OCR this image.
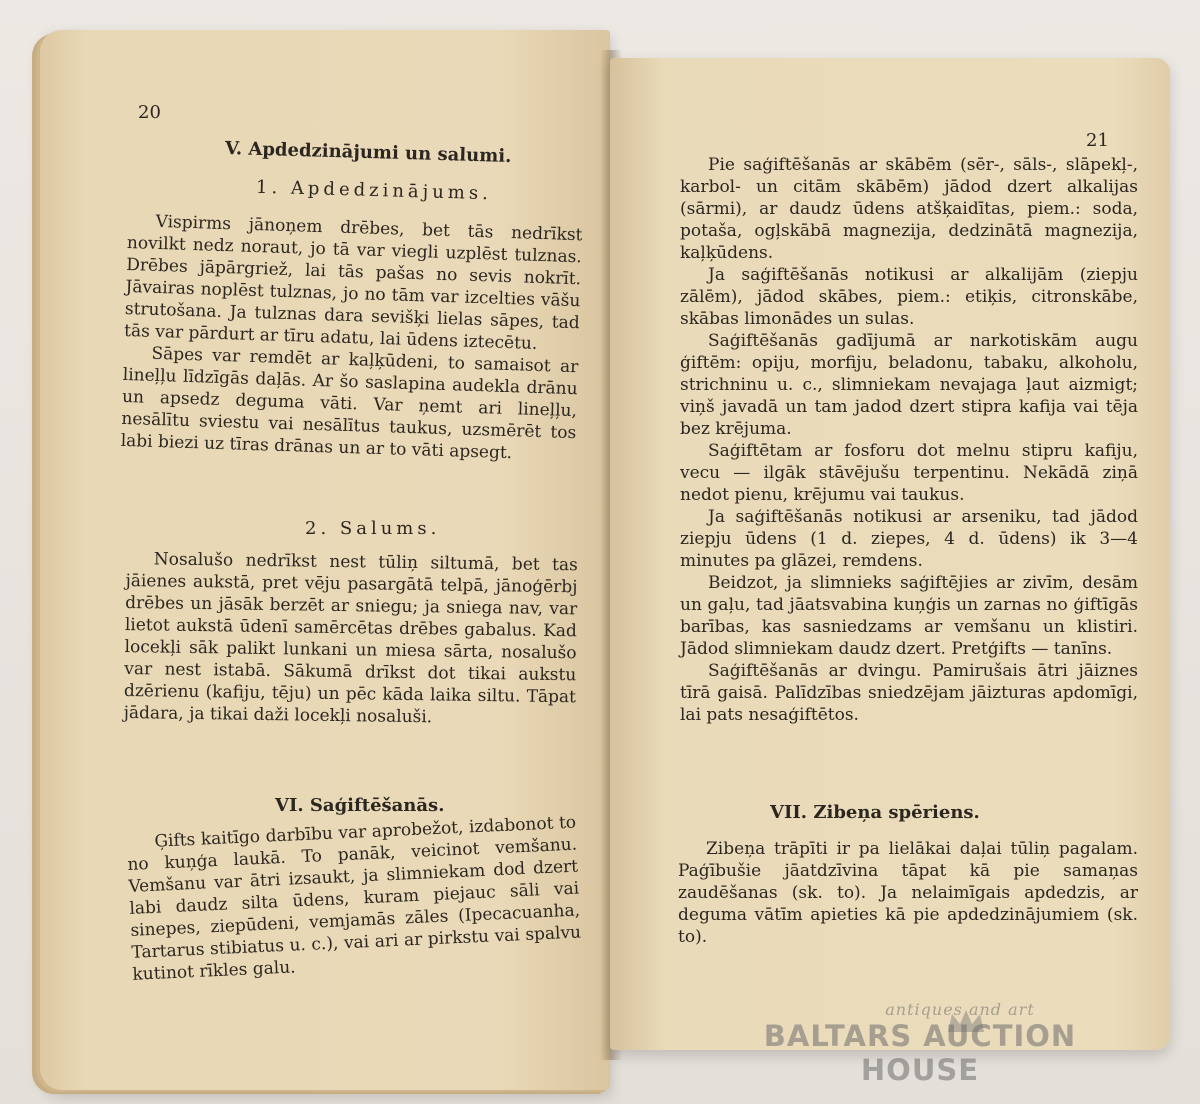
20
V. Apdedzinājumi un salumi.
1. Apdedzinājums.

Vispirms jānoņem drēbes, bet tās nedrīkst novilkt nedz noraut, jo tā var viegli uzplēst tulznas. Drēbes jāpārgriež, lai tās pašas no sevis nokrīt. Jāvairas noplēst tulznas, jo no tām var izcelties vāšu strutošana. Ja tulznas dara sevišķi lielas sāpes, tad tās var pārdurt ar tīru adatu, lai ūdens iztecētu.

Sāpes var remdēt ar kaļķūdeni, to samaisot ar lineļļu līdzīgās daļās. Ar šo saslapina audekla drānu un apsedz deguma vāti. Var ņemt ari lineļļu, nesālītu sviestu vai nesālītus taukus, uzsmērēt tos labi biezi uz tīras drānas un ar to vāti apsegt.

2. Salums.

Nosalušo nedrīkst nest tūliņ siltumā, bet tas jāienes aukstā, pret vēju pasargātā telpā, jānoģērbj drēbes un jāsāk berzēt ar sniegu; ja sniega nav, var lietot aukstā ūdenī samērcētas drēbes gabalus. Kad locekļi sāk palikt lunkani un miesa sārta, nosalušo var nest istabā. Sākumā drīkst dot tikai aukstu dzērienu (kafiju, tēju) un pēc kāda laika siltu. Tāpat jādara, ja tikai daži locekļi nosaluši.

VI. Saģiftēšanās.

Ģifts kaitīgo darbību var aprobežot, izdabonot to no kuņģa laukā. To panāk, veicinot vemšanu. Vemšanu var ātri izsaukt, ja slimniekam dod dzert labi daudz silta ūdens, kuram piejauc sāli vai sinepes, ziepūdeni, vemjamās zāles (Ipecacuanha, Tartarus stibiatus u. c.), vai ari ar pirkstu vai spalvu kutinot rīkles galu.

21

Pie saģiftēšanās ar skābēm (sēr-, sāls-, slāpekļ-, karbol- un citām skābēm) jādod dzert alkalijas (sārmi), ar daudz ūdens atšķaidītas, piem.: soda, potaša, ogļskābā magnezija, dedzinātā magnezija, kaļķūdens.

Ja saģiftēšanās notikusi ar alkalijām (ziepju zālēm), jādod skābes, piem.: etiķis, citronskābe, skābas limonādes un sulas.

Saģiftēšanās gadījumā ar narkotiskām augu ģiftēm: opiju, morfiju, beladonu, tabaku, alkoholu, strichninu u. c., slimniekam nevajaga ļaut aizmigt; viņš javadā un tam jadod dzert stipra kafija vai tēja bez krējuma.

Saģiftētam ar fosforu dot melnu stipru kafiju, vecu — ilgāk stāvējušu terpentinu. Nekādā ziņā nedot pienu, krējumu vai taukus.

Ja saģiftēšanās notikusi ar arseniku, tad jādod ziepju ūdens (1 d. ziepes, 4 d. ūdens) ik 3—4 minutes pa glāzei, remdens.

Beidzot, ja slimnieks saģiftējies ar zivīm, desām un gaļu, tad jāatsvabina kuņģis un zarnas no ģiftīgās barības, kas sasniedzams ar vemšanu un klistiri. Jādod slimniekam daudz dzert. Pretģifts — tanīns.

Saģiftēšanās ar dvingu. Pamirušais ātri jāiznes tīrā gaisā. Palīdzības sniedzējam jāizturas apdomīgi, lai pats nesaģiftētos.

VII. Zibeņa spēriens.

Zibeņa trāpīti ir pa lielākai daļai tūliņ pagalam. Paģībušie jāatdzīvina tāpat kā pie samaņas zaudēšanas (sk. to). Ja nelaimīgais apdedzis, ar deguma vātīm apieties kā pie apdedzinājumiem (sk. to).

antiques and art
BALTARS AUCTION HOUSE
